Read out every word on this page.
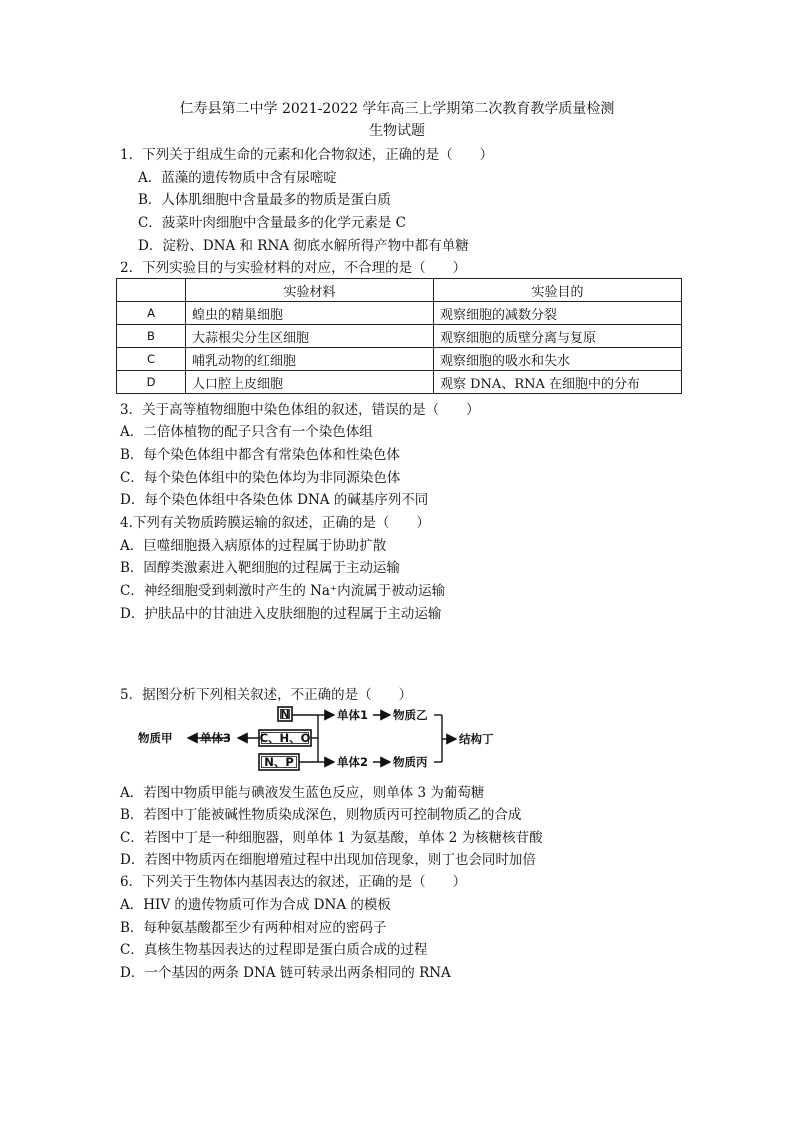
仁寿县第二中学 2021-2022 学年高三上学期第二次教育教学质量检测
生物试题
1．下列关于组成生命的元素和化合物叙述，正确的是（　　）
A．蓝藻的遗传物质中含有尿嘧啶
B．人体肌细胞中含量最多的物质是蛋白质
C．菠菜叶肉细胞中含量最多的化学元素是 C
D．淀粉、DNA 和 RNA 彻底水解所得产物中都有单糖
2．下列实验目的与实验材料的对应，不合理的是（　　）
	实验材料	实验目的
A	蝗虫的精巢细胞	观察细胞的减数分裂
B	大蒜根尖分生区细胞	观察细胞的质壁分离与复原
C	哺乳动物的红细胞	观察细胞的吸水和失水
D	人口腔上皮细胞	观察 DNA、RNA 在细胞中的分布
3．关于高等植物细胞中染色体组的叙述，错误的是（　　）
A．二倍体植物的配子只含有一个染色体组
B．每个染色体组中都含有常染色体和性染色体
C．每个染色体组中的染色体均为非同源染色体
D．每个染色体组中各染色体 DNA 的碱基序列不同
4.下列有关物质跨膜运输的叙述，正确的是（　　）
A．巨噬细胞摄入病原体的过程属于协助扩散
B．固醇类激素进入靶细胞的过程属于主动运输
C．神经细胞受到刺激时产生的 Na⁺内流属于被动运输
D．护肤品中的甘油进入皮肤细胞的过程属于主动运输
5．据图分析下列相关叙述，不正确的是（　　）
N
C、H、O
N、P
物质甲 单体3
单体1
单体2
物质乙
物质丙
结构丁
A．若图中物质甲能与碘液发生蓝色反应，则单体 3 为葡萄糖
B．若图中丁能被碱性物质染成深色，则物质丙可控制物质乙的合成
C．若图中丁是一种细胞器，则单体 1 为氨基酸，单体 2 为核糖核苷酸
D．若图中物质丙在细胞增殖过程中出现加倍现象，则丁也会同时加倍
6．下列关于生物体内基因表达的叙述，正确的是（　　）
A．HIV 的遗传物质可作为合成 DNA 的模板
B．每种氨基酸都至少有两种相对应的密码子
C．真核生物基因表达的过程即是蛋白质合成的过程
D．一个基因的两条 DNA 链可转录出两条相同的 RNA
